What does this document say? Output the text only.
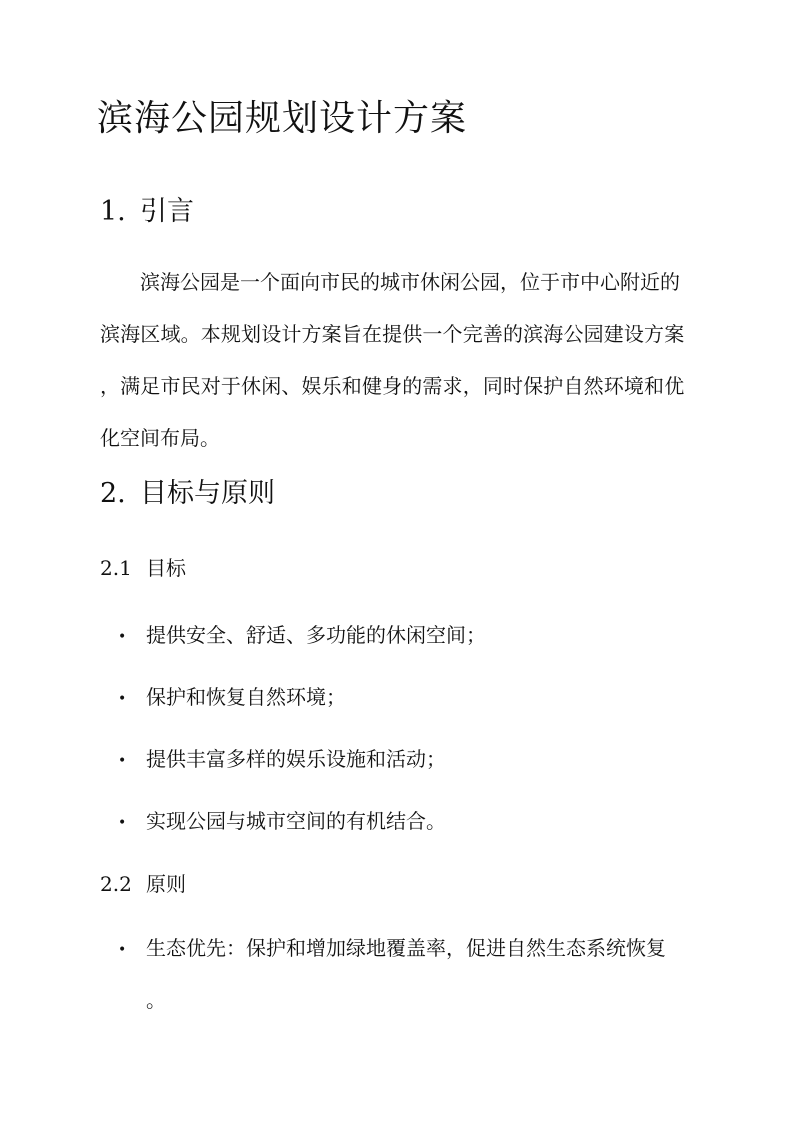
滨海公园规划设计方案
1. 引言
滨海公园是一个面向市民的城市休闲公园，位于市中心附近的
滨海区域。本规划设计方案旨在提供一个完善的滨海公园建设方案
，满足市民对于休闲、娱乐和健身的需求，同时保护自然环境和优
化空间布局。
2. 目标与原则
2.1 目标
• 提供安全、舒适、多功能的休闲空间；
• 保护和恢复自然环境；
• 提供丰富多样的娱乐设施和活动；
• 实现公园与城市空间的有机结合。
2.2 原则
• 生态优先：保护和增加绿地覆盖率，促进自然生态系统恢复
。
